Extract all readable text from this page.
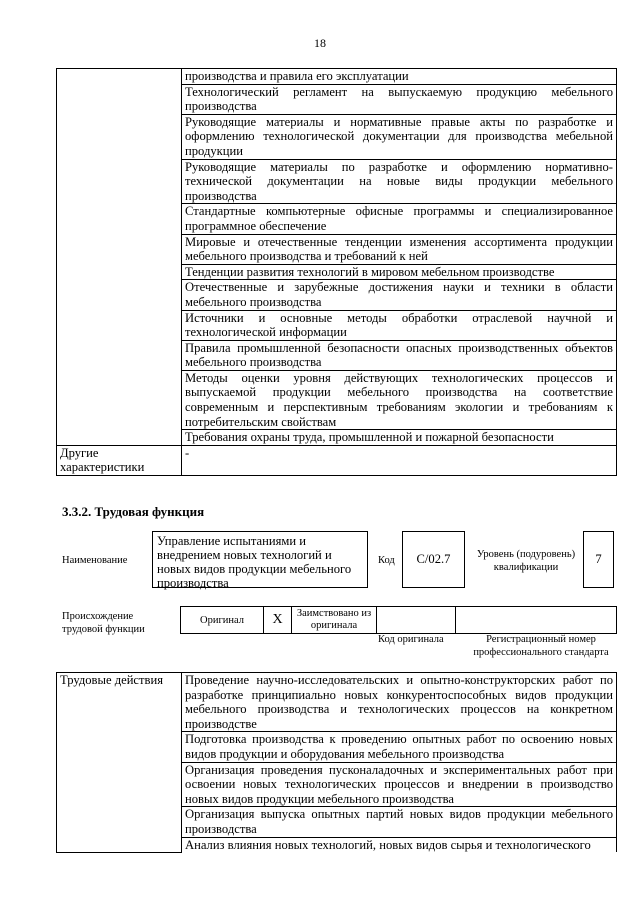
18
	производства и правила его эксплуатации
	Технологический регламент на выпускаемую продукцию мебельного производства
	Руководящие материалы и нормативные правые акты по разработке и оформлению технологической документации для производства мебельной продукции
	Руководящие материалы по разработке и оформлению нормативно-технической документации на новые виды продукции мебельного производства
	Стандартные компьютерные офисные программы и специализированное программное обеспечение
	Мировые и отечественные тенденции изменения ассортимента продукции мебельного производства и требований к ней
	Тенденции развития технологий в мировом мебельном производстве
	Отечественные и зарубежные достижения науки и техники в области мебельного производства
	Источники и основные методы обработки отраслевой научной и технологической информации
	Правила промышленной безопасности опасных производственных объектов мебельного производства
	Методы оценки уровня действующих технологических процессов и выпускаемой продукции мебельного производства на соответствие современным и перспективным требованиям экологии и требованиям к потребительским свойствам
	Требования охраны труда, промышленной и пожарной безопасности
Другие характеристики	-
3.3.2. Трудовая функция
Наименование
Управление испытаниями и внедрением новых технологий и новых видов продукции мебельного производства
Код	C/02.7	Уровень (подуровень) квалификации
7
Происхождение трудовой функции
Оригинал	X	Заимствовано из оригинала		
Код оригинала	Регистрационный номер профессионального стандарта
Трудовые действия	Проведение научно-исследовательских и опытно-конструкторских работ по разработке принципиально новых конкурентоспособных видов продукции мебельного производства и технологических процессов на конкретном производстве
Подготовка производства к проведению опытных работ по освоению новых видов продукции и оборудования мебельного производства
Организация проведения пусконаладочных и экспериментальных работ при освоении новых технологических процессов и внедрении в производство новых видов продукции мебельного производства
Организация выпуска опытных партий новых видов продукции мебельного производства
Анализ влияния новых технологий, новых видов сырья и технологического
